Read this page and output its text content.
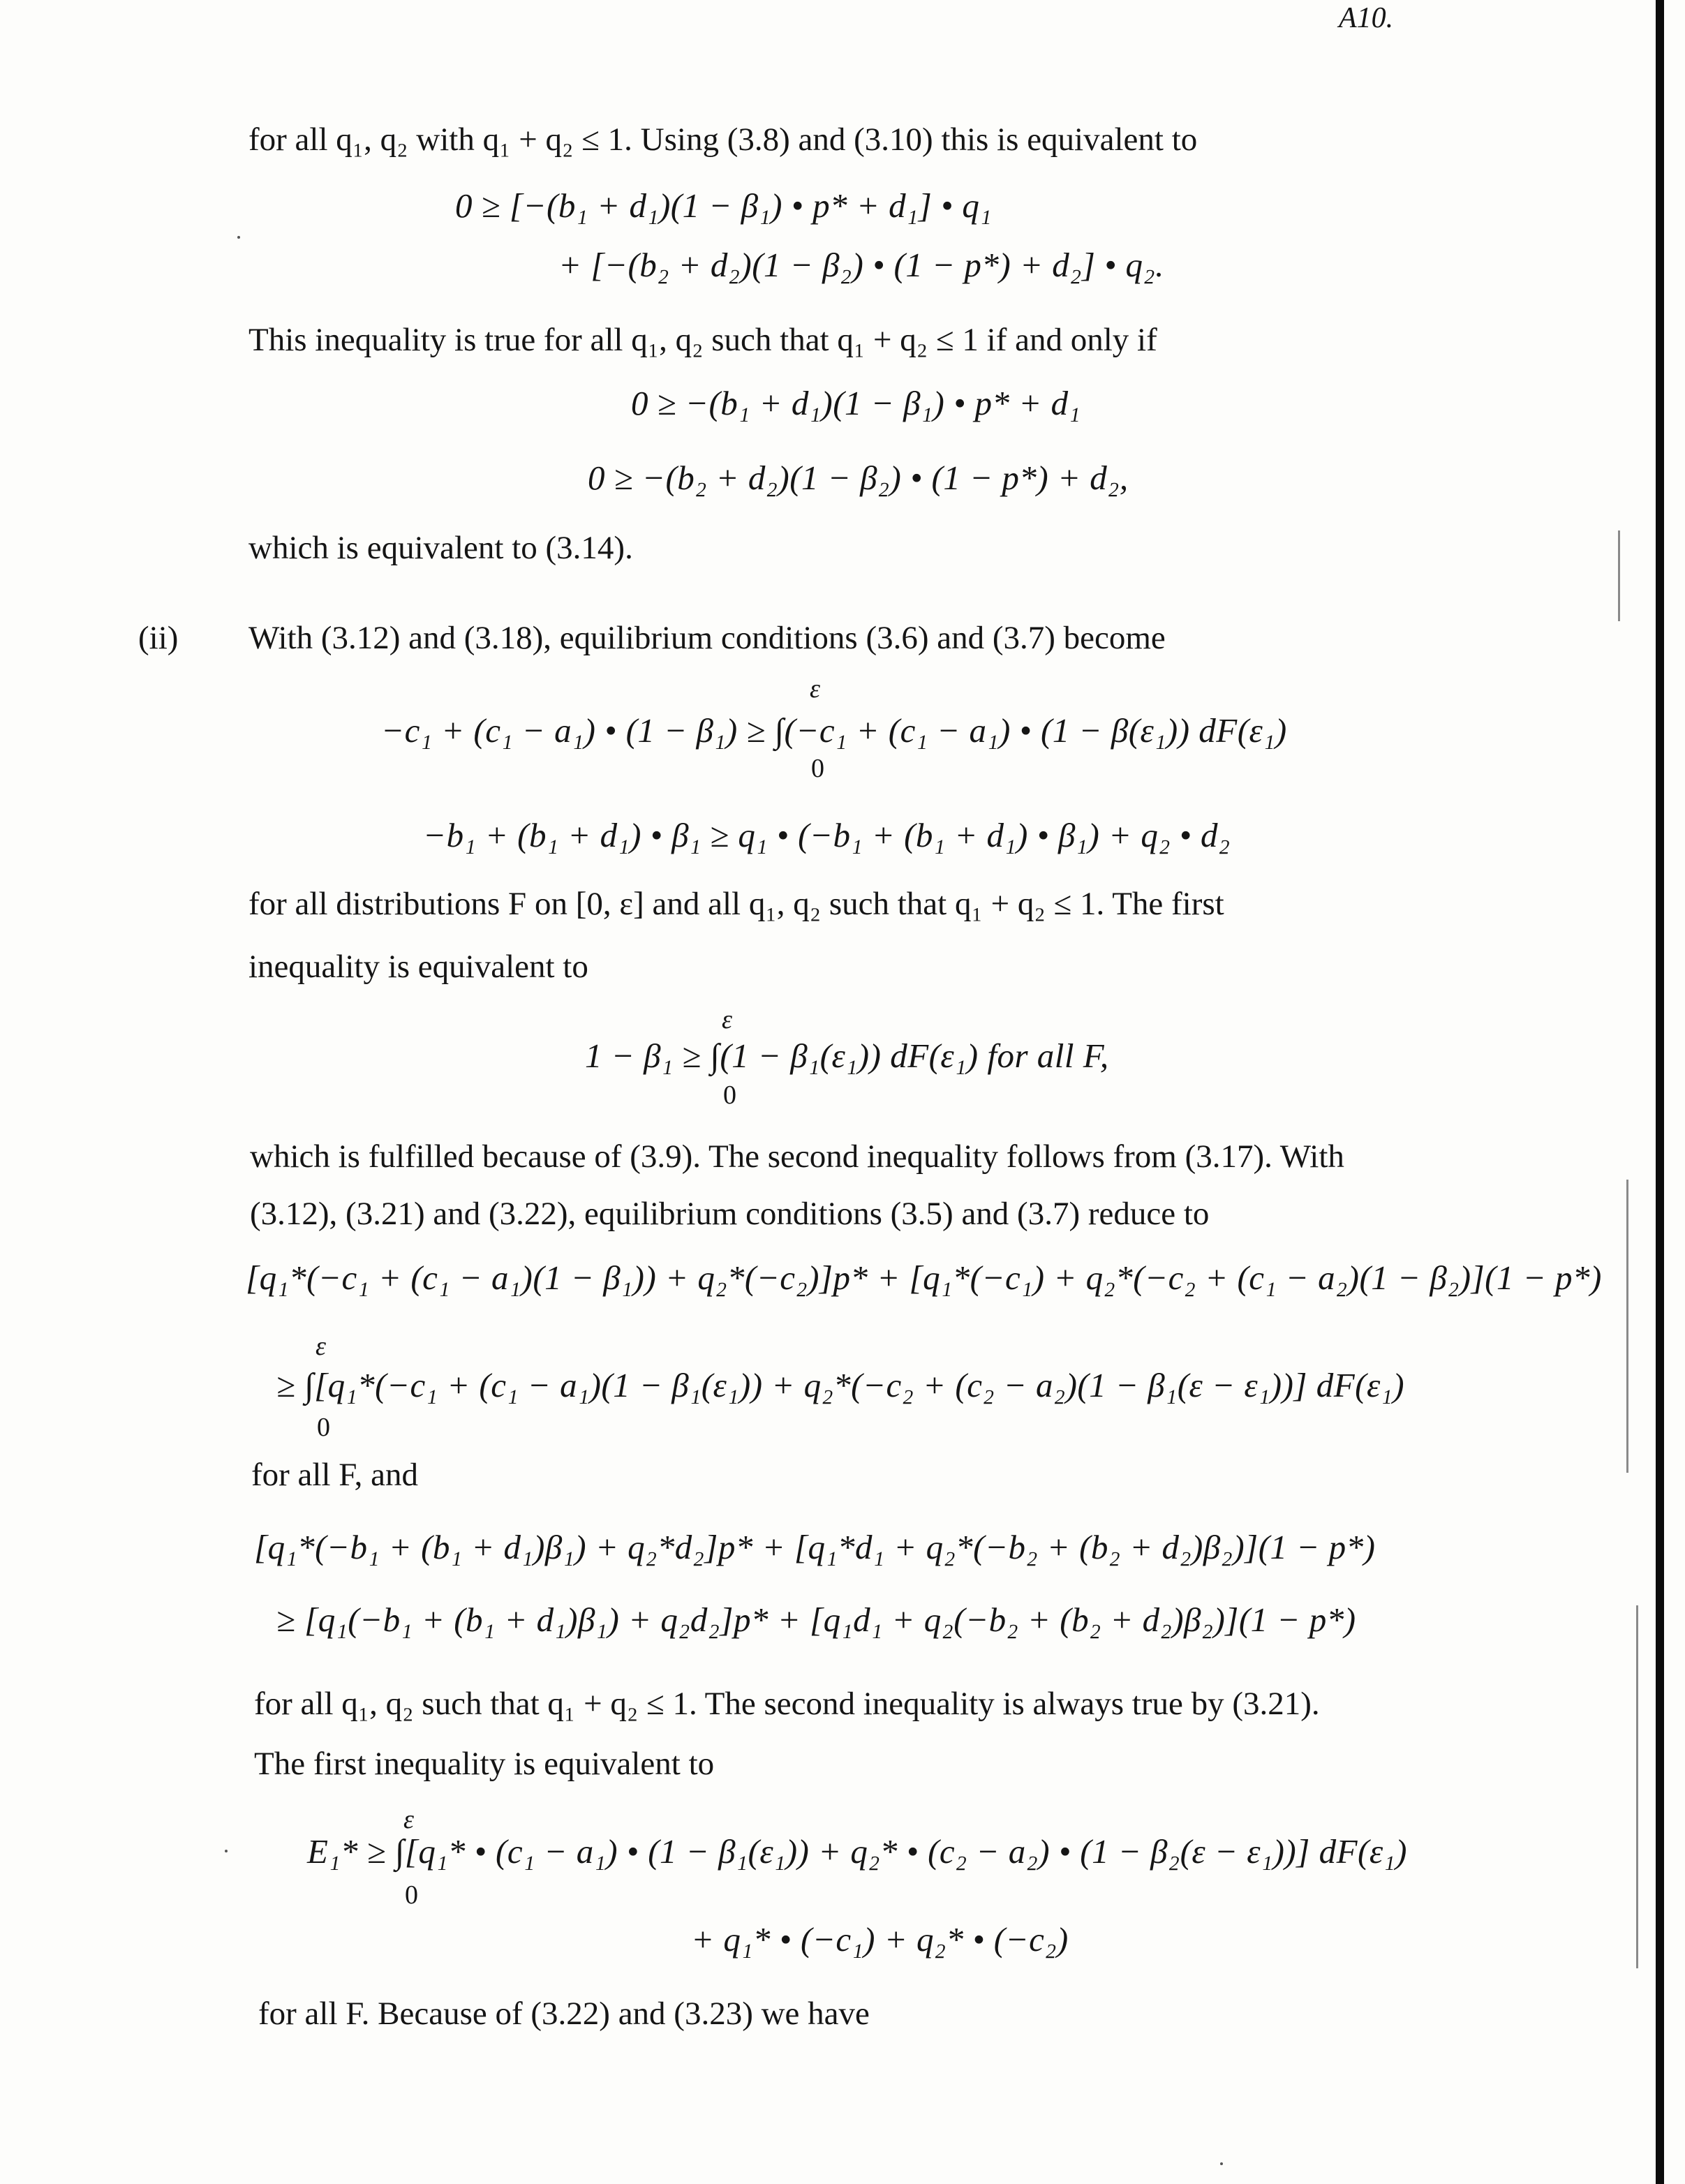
A10.
for all q₁, q₂ with q₁ + q₂ ≤ 1. Using (3.8) and (3.10) this is equivalent to
0 ≥ [−(b₁ + d₁)(1 − β₁) • p* + d₁] • q₁
+ [−(b₂ + d₂)(1 − β₂) • (1 − p*) + d₂] • q₂.
This inequality is true for all q₁, q₂ such that q₁ + q₂ ≤ 1 if and only if
0 ≥ −(b₁ + d₁)(1 − β₁) • p* + d₁
0 ≥ −(b₂ + d₂)(1 − β₂) • (1 − p*) + d₂,
which is equivalent to (3.14).
(ii) With (3.12) and (3.18), equilibrium conditions (3.6) and (3.7) become
ε
−c₁ + (c₁ − a₁) • (1 − β₁) ≥ ∫(−c₁ + (c₁ − a₁) • (1 − β(ε₁)) dF(ε₁)
0
−b₁ + (b₁ + d₁) • β₁ ≥ q₁ • (−b₁ + (b₁ + d₁) • β₁) + q₂ • d₂
for all distributions F on [0, ε] and all q₁, q₂ such that q₁ + q₂ ≤ 1. The first
inequality is equivalent to
ε
1 − β₁ ≥ ∫(1 − β₁(ε₁)) dF(ε₁) for all F,
0
which is fulfilled because of (3.9). The second inequality follows from (3.17). With
(3.12), (3.21) and (3.22), equilibrium conditions (3.5) and (3.7) reduce to
[q₁*(−c₁ + (c₁ − a₁)(1 − β₁)) + q₂*(−c₂)]p* + [q₁*(−c₁) + q₂*(−c₂ + (c₁ − a₂)(1 − β₂)](1 − p*)
ε
≥ ∫[q₁*(−c₁ + (c₁ − a₁)(1 − β₁(ε₁)) + q₂*(−c₂ + (c₂ − a₂)(1 − β₁(ε − ε₁))] dF(ε₁)
0
for all F, and
[q₁*(−b₁ + (b₁ + d₁)β₁) + q₂*d₂]p* + [q₁*d₁ + q₂*(−b₂ + (b₂ + d₂)β₂)](1 − p*)
≥ [q₁(−b₁ + (b₁ + d₁)β₁) + q₂d₂]p* + [q₁d₁ + q₂(−b₂ + (b₂ + d₂)β₂)](1 − p*)
for all q₁, q₂ such that q₁ + q₂ ≤ 1. The second inequality is always true by (3.21).
The first inequality is equivalent to
ε
E₁* ≥ ∫[q₁* • (c₁ − a₁) • (1 − β₁(ε₁)) + q₂* • (c₂ − a₂) • (1 − β₂(ε − ε₁))] dF(ε₁)
0
+ q₁* • (−c₁) + q₂* • (−c₂)
for all F. Because of (3.22) and (3.23) we have
